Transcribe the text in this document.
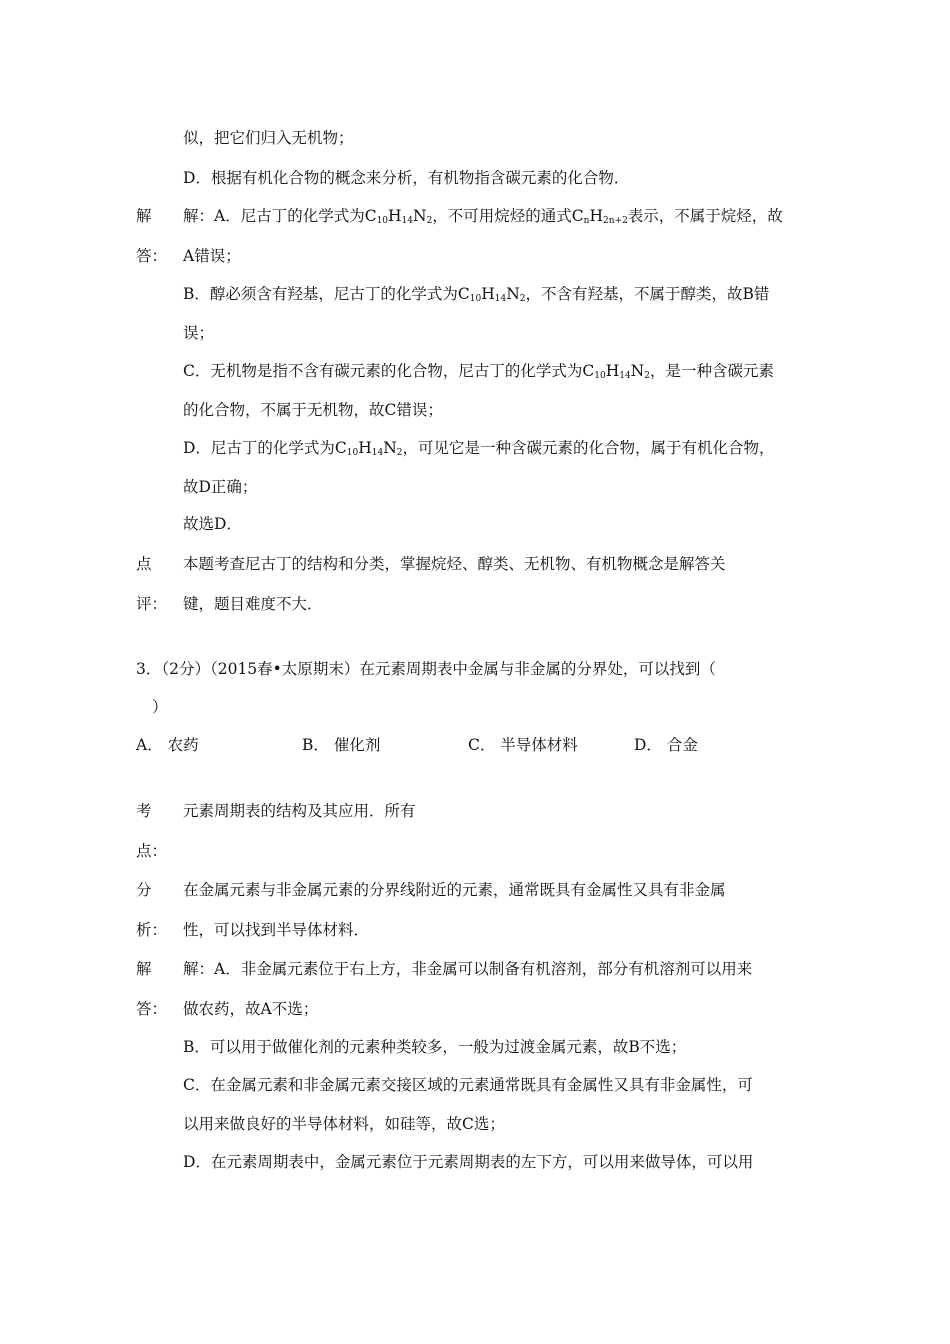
似，把它们归入无机物；
D．根据有机化合物的概念来分析，有机物指含碳元素的化合物．
解
答：
解：A．尼古丁的化学式为$C_{10}H_{14}N_2$，不可用烷烃的通式$C_nH_{2n+2}$表示，不属于烷烃，故
A错误；
B．醇必须含有羟基，尼古丁的化学式为$C_{10}H_{14}N_2$，不含有羟基，不属于醇类，故B错
误；
C．无机物是指不含有碳元素的化合物，尼古丁的化学式为$C_{10}H_{14}N_2$，是一种含碳元素
的化合物，不属于无机物，故C错误；
D．尼古丁的化学式为$C_{10}H_{14}N_2$，可见它是一种含碳元素的化合物，属于有机化合物，
故D正确；
故选D．
点
评：
本题考查尼古丁的结构和分类，掌握烷烃、醇类、无机物、有机物概念是解答关
键，题目难度不大．
3．（2分）（2015春•太原期末）在元素周期表中金属与非金属的分界处，可以找到（
）
A． 农药	B． 催化剂	C． 半导体材料	D． 合金
考
点：
元素周期表的结构及其应用．所有
分
析：
在金属元素与非金属元素的分界线附近的元素，通常既具有金属性又具有非金属
性，可以找到半导体材料．
解
答：
解：A．非金属元素位于右上方，非金属可以制备有机溶剂，部分有机溶剂可以用来
做农药，故A不选；
B．可以用于做催化剂的元素种类较多，一般为过渡金属元素，故B不选；
C．在金属元素和非金属元素交接区域的元素通常既具有金属性又具有非金属性，可
以用来做良好的半导体材料，如硅等，故C选；
D．在元素周期表中，金属元素位于元素周期表的左下方，可以用来做导体，可以用
